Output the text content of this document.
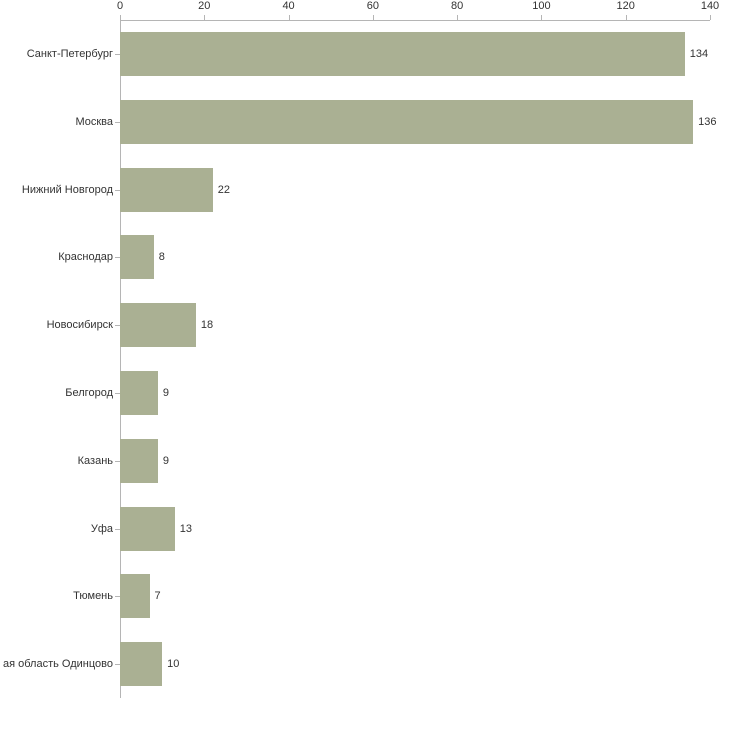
0	20	40	60	80	100	120	140
Санкт-Петербург
Москва
Нижний Новгород
Краснодар
Новосибирск
Белгород
Казань
Уфа
Тюмень
ая область Одинцово
134
136
22
8
18
9
9
13
7
10
